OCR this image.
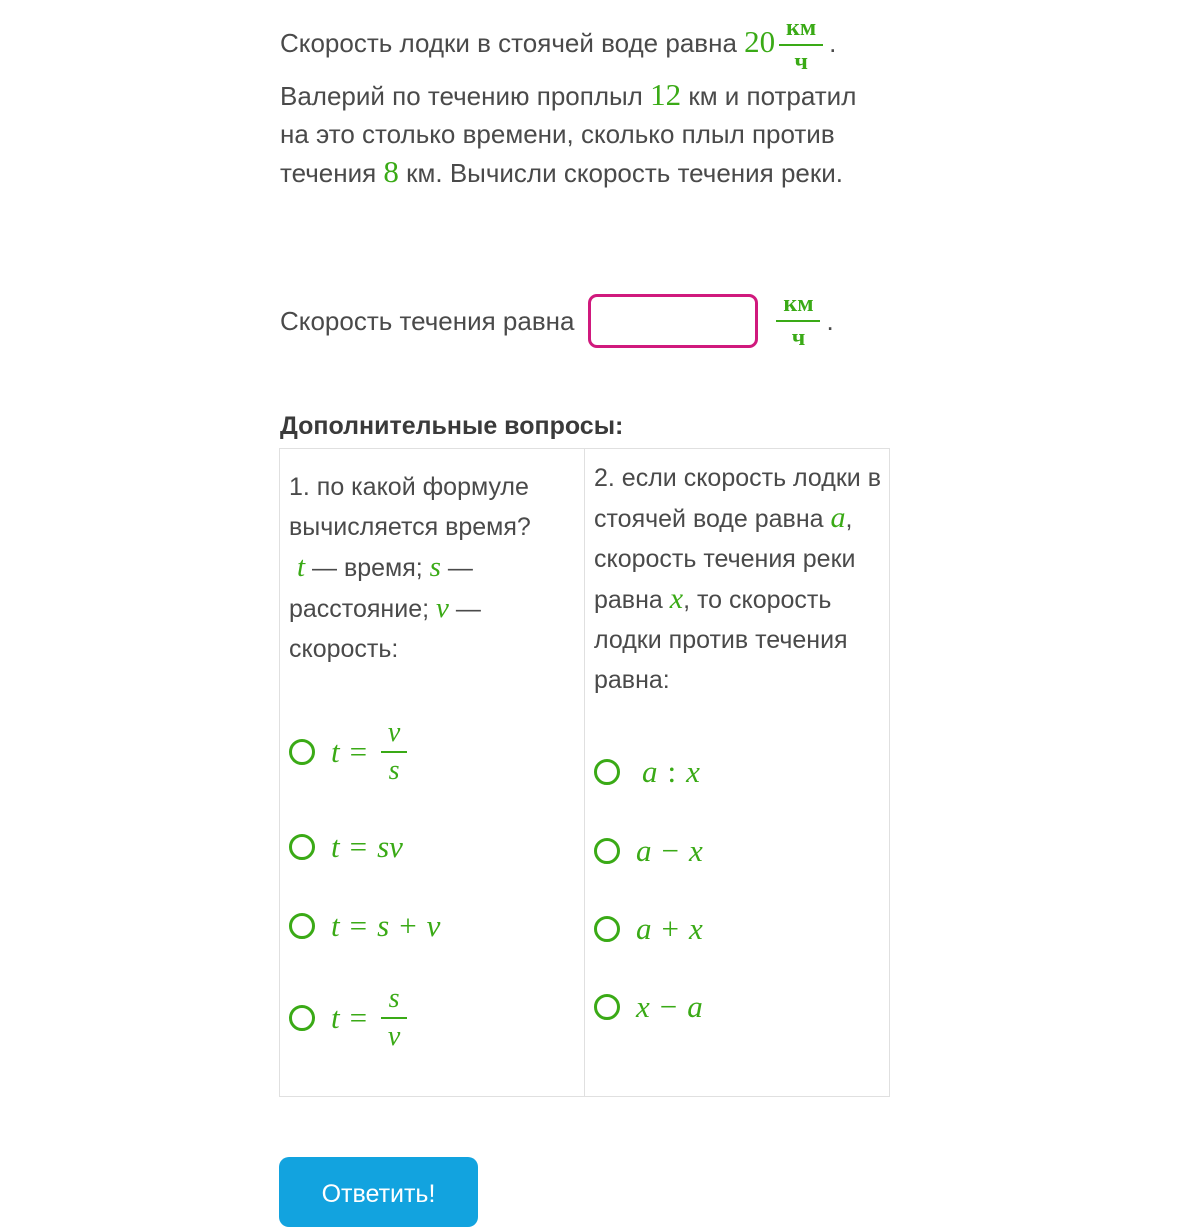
Скорость лодки в стоячей воде равна $20 \frac{км}{ч}$ . Валерий по течению проплыл 12 км и потратил на это столько времени, сколько плыл против течения 8 км. Вычисли скорость течения реки.
Скорость течения равна	$\frac{км}{ч}$ .
Дополнительные вопросы:
1. по какой формуле вычисляется время?
t — время; s — расстояние; v — скорость:
t =
v
s
t = sv
t = s + v
t =
s
v
2. если скорость лодки в стоячей воде равна a, скорость течения реки равна x, то скорость лодки против течения равна:
a : x
a − x
a + x
x − a
Ответить!
